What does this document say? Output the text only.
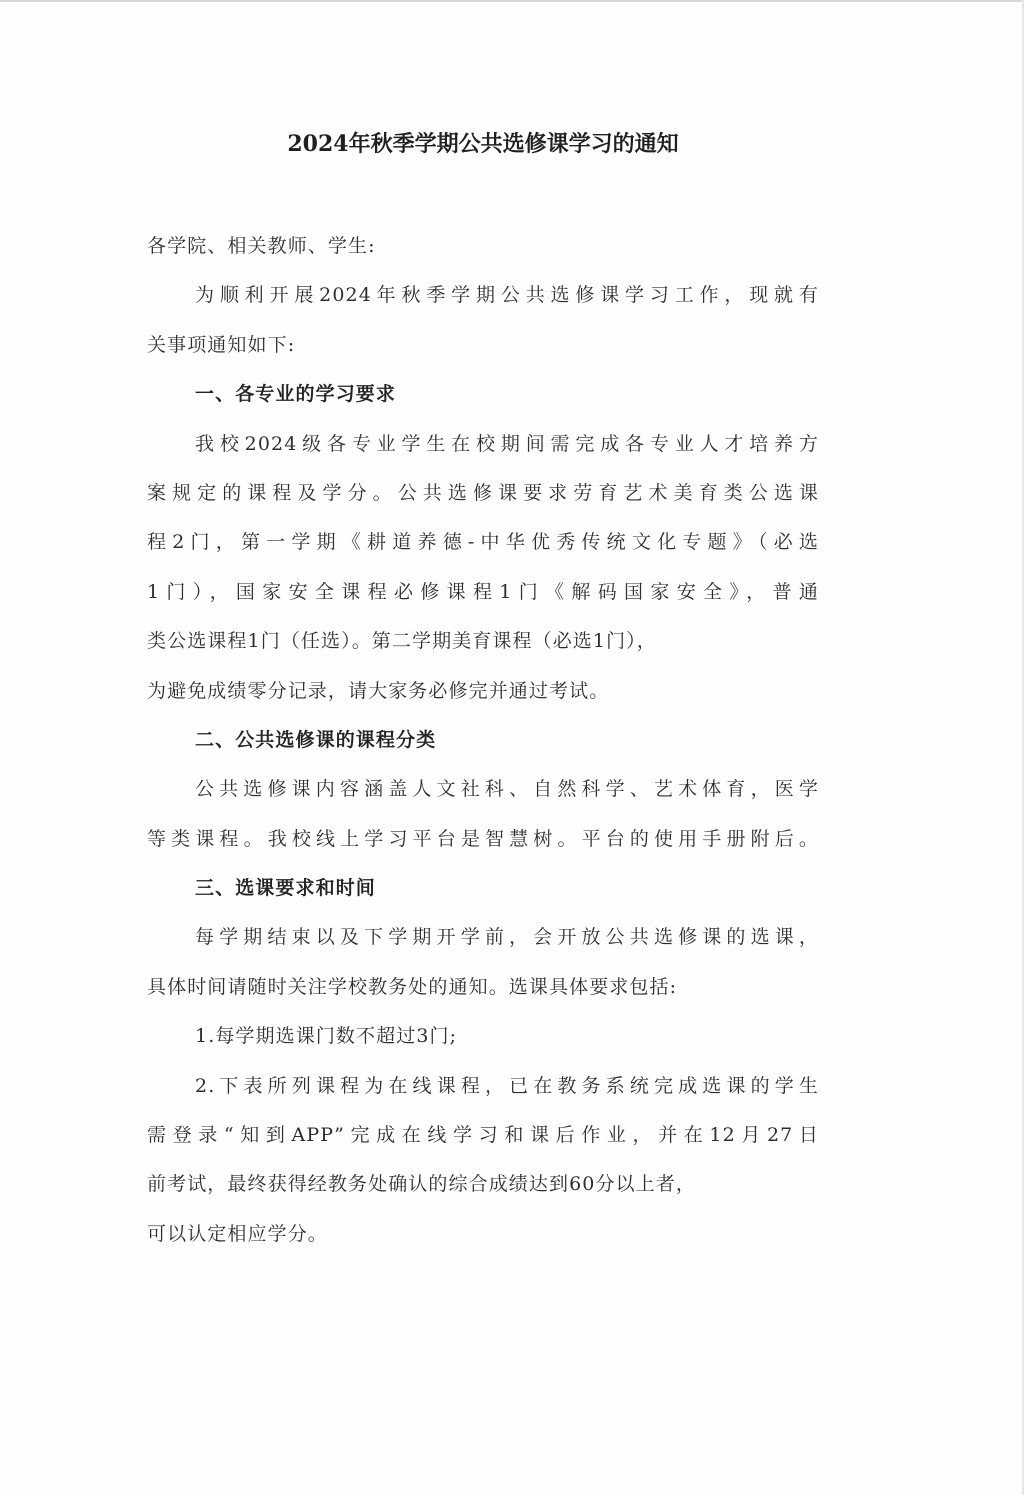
2024年秋季学期公共选修课学习的通知
各学院、相关教师、学生:
为顺利开展2024年秋季学期公共选修课学习工作，现就有
关事项通知如下:
一、各专业的学习要求
我校2024级各专业学生在校期间需完成各专业人才培养方
案规定的课程及学分。公共选修课要求劳育艺术美育类公选课
程2门，第一学期《耕道养德-中华优秀传统文化专题》（必选
1门），国家安全课程必修课程1门《解码国家安全》，普通
类公选课程1门（任选）。第二学期美育课程（必选1门），
为避免成绩零分记录，请大家务必修完并通过考试。
二、公共选修课的课程分类
公共选修课内容涵盖人文社科、自然科学、艺术体育，医学
等类课程。我校线上学习平台是智慧树。平台的使用手册附后。
三、选课要求和时间
每学期结束以及下学期开学前，会开放公共选修课的选课，
具体时间请随时关注学校教务处的通知。选课具体要求包括:
1.每学期选课门数不超过3门;
2.下表所列课程为在线课程，已在教务系统完成选课的学生
需登录“知到APP”完成在线学习和课后作业，并在12月27日
前考试，最终获得经教务处确认的综合成绩达到60分以上者，
可以认定相应学分。
